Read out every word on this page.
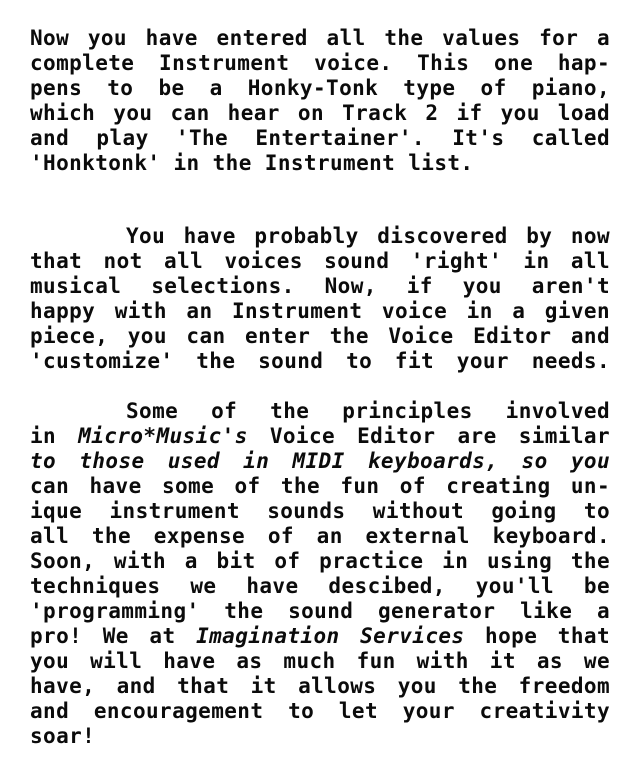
Now you have entered all the values for a
complete Instrument voice. This one hap-
pens to be a Honky-Tonk type of piano,
which you can hear on Track 2 if you load
and play 'The Entertainer'. It's called
'Honktonk' in the Instrument list.
You have probably discovered by now
that not all voices sound 'right' in all
musical selections. Now, if you aren't
happy with an Instrument voice in a given
piece, you can enter the Voice Editor and
'customize' the sound to fit your needs.
Some of the principles involved
in Micro*Music's Voice Editor are similar
to those used in MIDI keyboards, so you
can have some of the fun of creating un-
ique instrument sounds without going to
all the expense of an external keyboard.
Soon, with a bit of practice in using the
techniques we have descibed, you'll be
'programming' the sound generator like a
pro! We at Imagination Services hope that
you will have as much fun with it as we
have, and that it allows you the freedom
and encouragement to let your creativity
soar!
